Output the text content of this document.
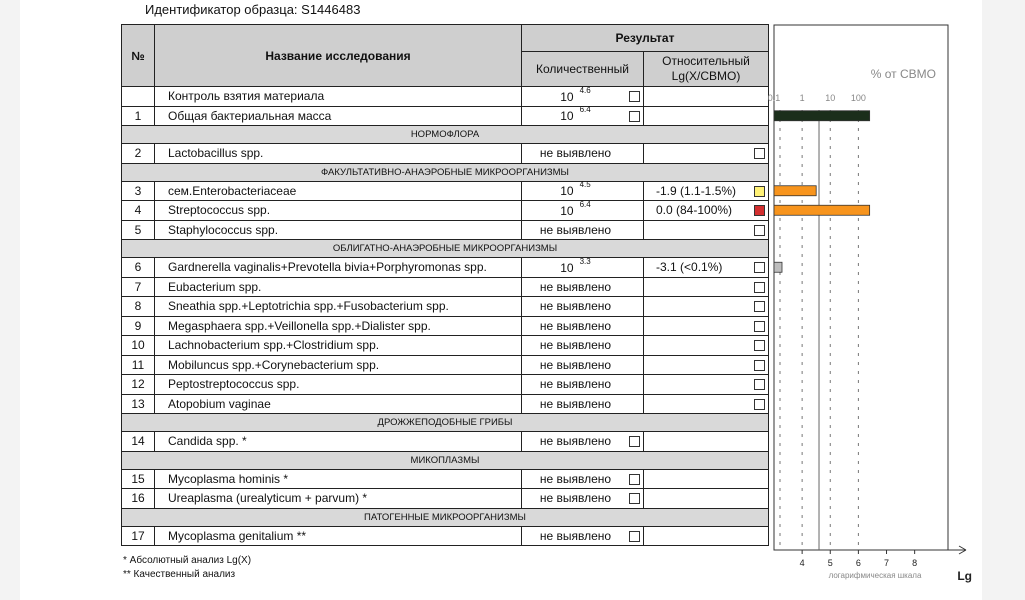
Идентификатор образца: S1446483
№	Название исследования	Результат	
		Количественный	Относительный
Lg(X/СВМО)
	Контроль взятия материала	10 $^{4.6}$

1	Общая бактериальная масса	10 $^{6.4}$

НОРМОФЛОРА			
2	Lactobacillus spp.	не выявлено	

ФАКУЛЬТАТИВНО-АНАЭРОБНЫЕ МИКРООРГАНИЗМЫ			
3	сем.Enterobacteriaceae	10 $^{4.5}$	-1.9 (1.1-1.5%)

4	Streptococcus spp.	10 $^{6.4}$	0.0 (84-100%)

5	Staphylococcus spp.	не выявлено	

ОБЛИГАТНО-АНАЭРОБНЫЕ МИКРООРГАНИЗМЫ			
6	Gardnerella vaginalis+Prevotella bivia+Porphyromonas spp.	10 $^{3.3}$	-3.1 (<0.1%)

7	Eubacterium spp.	не выявлено	

8	Sneathia spp.+Leptotrichia spp.+Fusobacterium spp.	не выявлено	

9	Megasphaera spp.+Veillonella spp.+Dialister spp.	не выявлено	

10	Lachnobacterium spp.+Clostridium spp.	не выявлено	

11	Mobiluncus spp.+Corynebacterium spp.	не выявлено	

12	Peptostreptococcus spp.	не выявлено	

13	Atopobium vaginae	не выявлено	

ДРОЖЖЕПОДОБНЫЕ ГРИБЫ			
14	Candida spp. *	не выявлено

МИКОПЛАЗМЫ			
15	Mycoplasma hominis *	не выявлено

16	Ureaplasma (urealyticum + parvum) *	не выявлено

ПАТОГЕННЫЕ МИКРООРГАНИЗМЫ			
17	Mycoplasma genitalium **	не выявлено

% от СВМО
0.1 1 10 100
4	5	6	7	8
логарифмическая шкала	Lg
* Абсолютный анализ Lg(X)
** Качественный анализ
